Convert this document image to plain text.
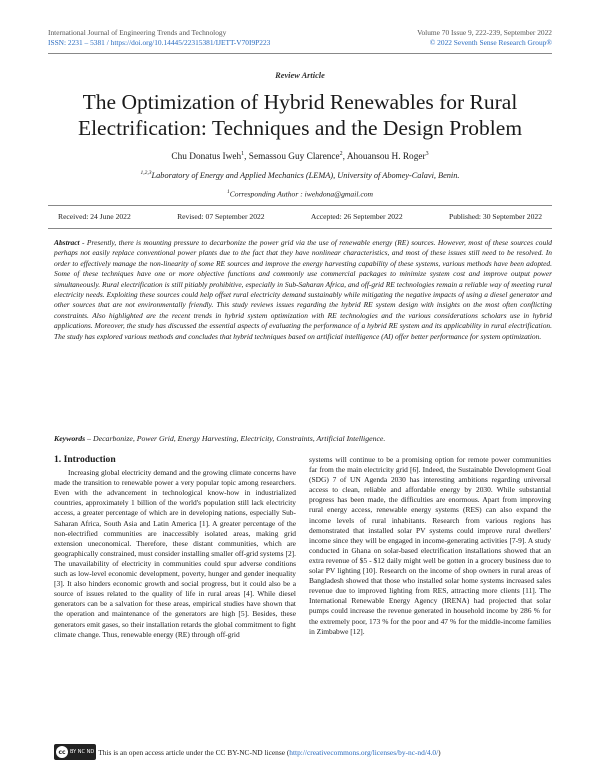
International Journal of Engineering Trends and Technology
ISSN: 2231 – 5381 / https://doi.org/10.14445/22315381/IJETT-V70I9P223
Volume 70 Issue 9, 222-239, September 2022
© 2022 Seventh Sense Research Group®
Review Article
The Optimization of Hybrid Renewables for Rural Electrification: Techniques and the Design Problem
Chu Donatus Iweh$^1$, Semassou Guy Clarence$^2$, Ahouansou H. Roger$^3$
$^{1,2,3}$Laboratory of Energy and Applied Mechanics (LEMA), University of Abomey-Calavi, Benin.
$^1$Corresponding Author : iwehdona@gmail.com
Received: 24 June 2022	Revised: 07 September 2022	Accepted: 26 September 2022	Published: 30 September 2022
Abstract - Presently, there is mounting pressure to decarbonize the power grid via the use of renewable energy (RE) sources. However, most of these sources could perhaps not easily replace conventional power plants due to the fact that they have nonlinear characteristics, and most of these issues still need to be resolved. In order to effectively manage the non-linearity of some RE sources and improve the energy harvesting capability of these systems, various methods have been adopted. Some of these techniques have one or more objective functions and commonly use commercial packages to minimize system cost and improve output power simultaneously. Rural electrification is still pitiably prohibitive, especially in Sub-Saharan Africa, and off-grid RE technologies remain a reliable way of meeting rural electricity needs. Exploiting these sources could help offset rural electricity demand sustainably while mitigating the negative impacts of using a diesel generator and other sources that are not environmentally friendly. This study reviews issues regarding the hybrid RE system design with insights on the most often conflicting constraints. Also highlighted are the recent trends in hybrid system optimization with RE technologies and the various considerations scholars use in hybrid applications. Moreover, the study has discussed the essential aspects of evaluating the performance of a hybrid RE system and its applicability in rural electrification. The study has explored various methods and concludes that hybrid techniques based on artificial intelligence (AI) offer better performance for system optimization.
Keywords – Decarbonize, Power Grid, Energy Harvesting, Electricity, Constraints, Artificial Intelligence.
1. Introduction

Increasing global electricity demand and the growing climate concerns have made the transition to renewable power a very popular topic among researchers. Even with the advancement in technological know-how in industrialized countries, approximately 1 billion of the world's population still lack electricity access, a greater percentage of which are in developing nations, especially Sub-Saharan Africa, South Asia and Latin America [1]. A greater percentage of the non-electrified communities are inaccessibly isolated areas, making grid extension uneconomical. Therefore, these distant communities, which are geographically constrained, must consider installing smaller off-grid systems [2]. The unavailability of electricity in communities could spur adverse conditions such as low-level economic development, poverty, hunger and gender inequality [3]. It also hinders economic growth and social progress, but it could also be a source of issues related to the quality of life in rural areas [4]. While diesel generators can be a salvation for these areas, empirical studies have shown that the operation and maintenance of the generators are high [5]. Besides, these generators emit gases, so their installation retards the global commitment to fight climate change. Thus, renewable energy (RE) through off-grid

systems will continue to be a promising option for remote power communities far from the main electricity grid [6]. Indeed, the Sustainable Development Goal (SDG) 7 of UN Agenda 2030 has interesting ambitions regarding universal access to clean, reliable and affordable energy by 2030. While substantial progress has been made, the difficulties are enormous. Apart from improving rural energy access, renewable energy systems (RES) can also expand the income levels of rural inhabitants. Research from various regions has demonstrated that installed solar PV systems could improve rural dwellers' income since they will be engaged in income-generating activities [7-9]. A study conducted in Ghana on solar-based electrification installations showed that an extra revenue of $5 - $12 daily might well be gotten in a grocery business due to solar PV lighting [10]. Research on the income of shop owners in rural areas of Bangladesh showed that those who installed solar home systems increased sales revenue due to improved lighting from RES, attracting more clients [11]. The International Renewable Energy Agency (IRENA) had projected that solar pumps could increase the revenue generated in household income by 286 % for the extremely poor, 173 % for the poor and 47 % for the middle-income families in Zimbabwe [12].

cc BY NC ND This is an open access article under the CC BY-NC-ND license ( http://creativecommons.org/licenses/by-nc-nd/4.0/ )
